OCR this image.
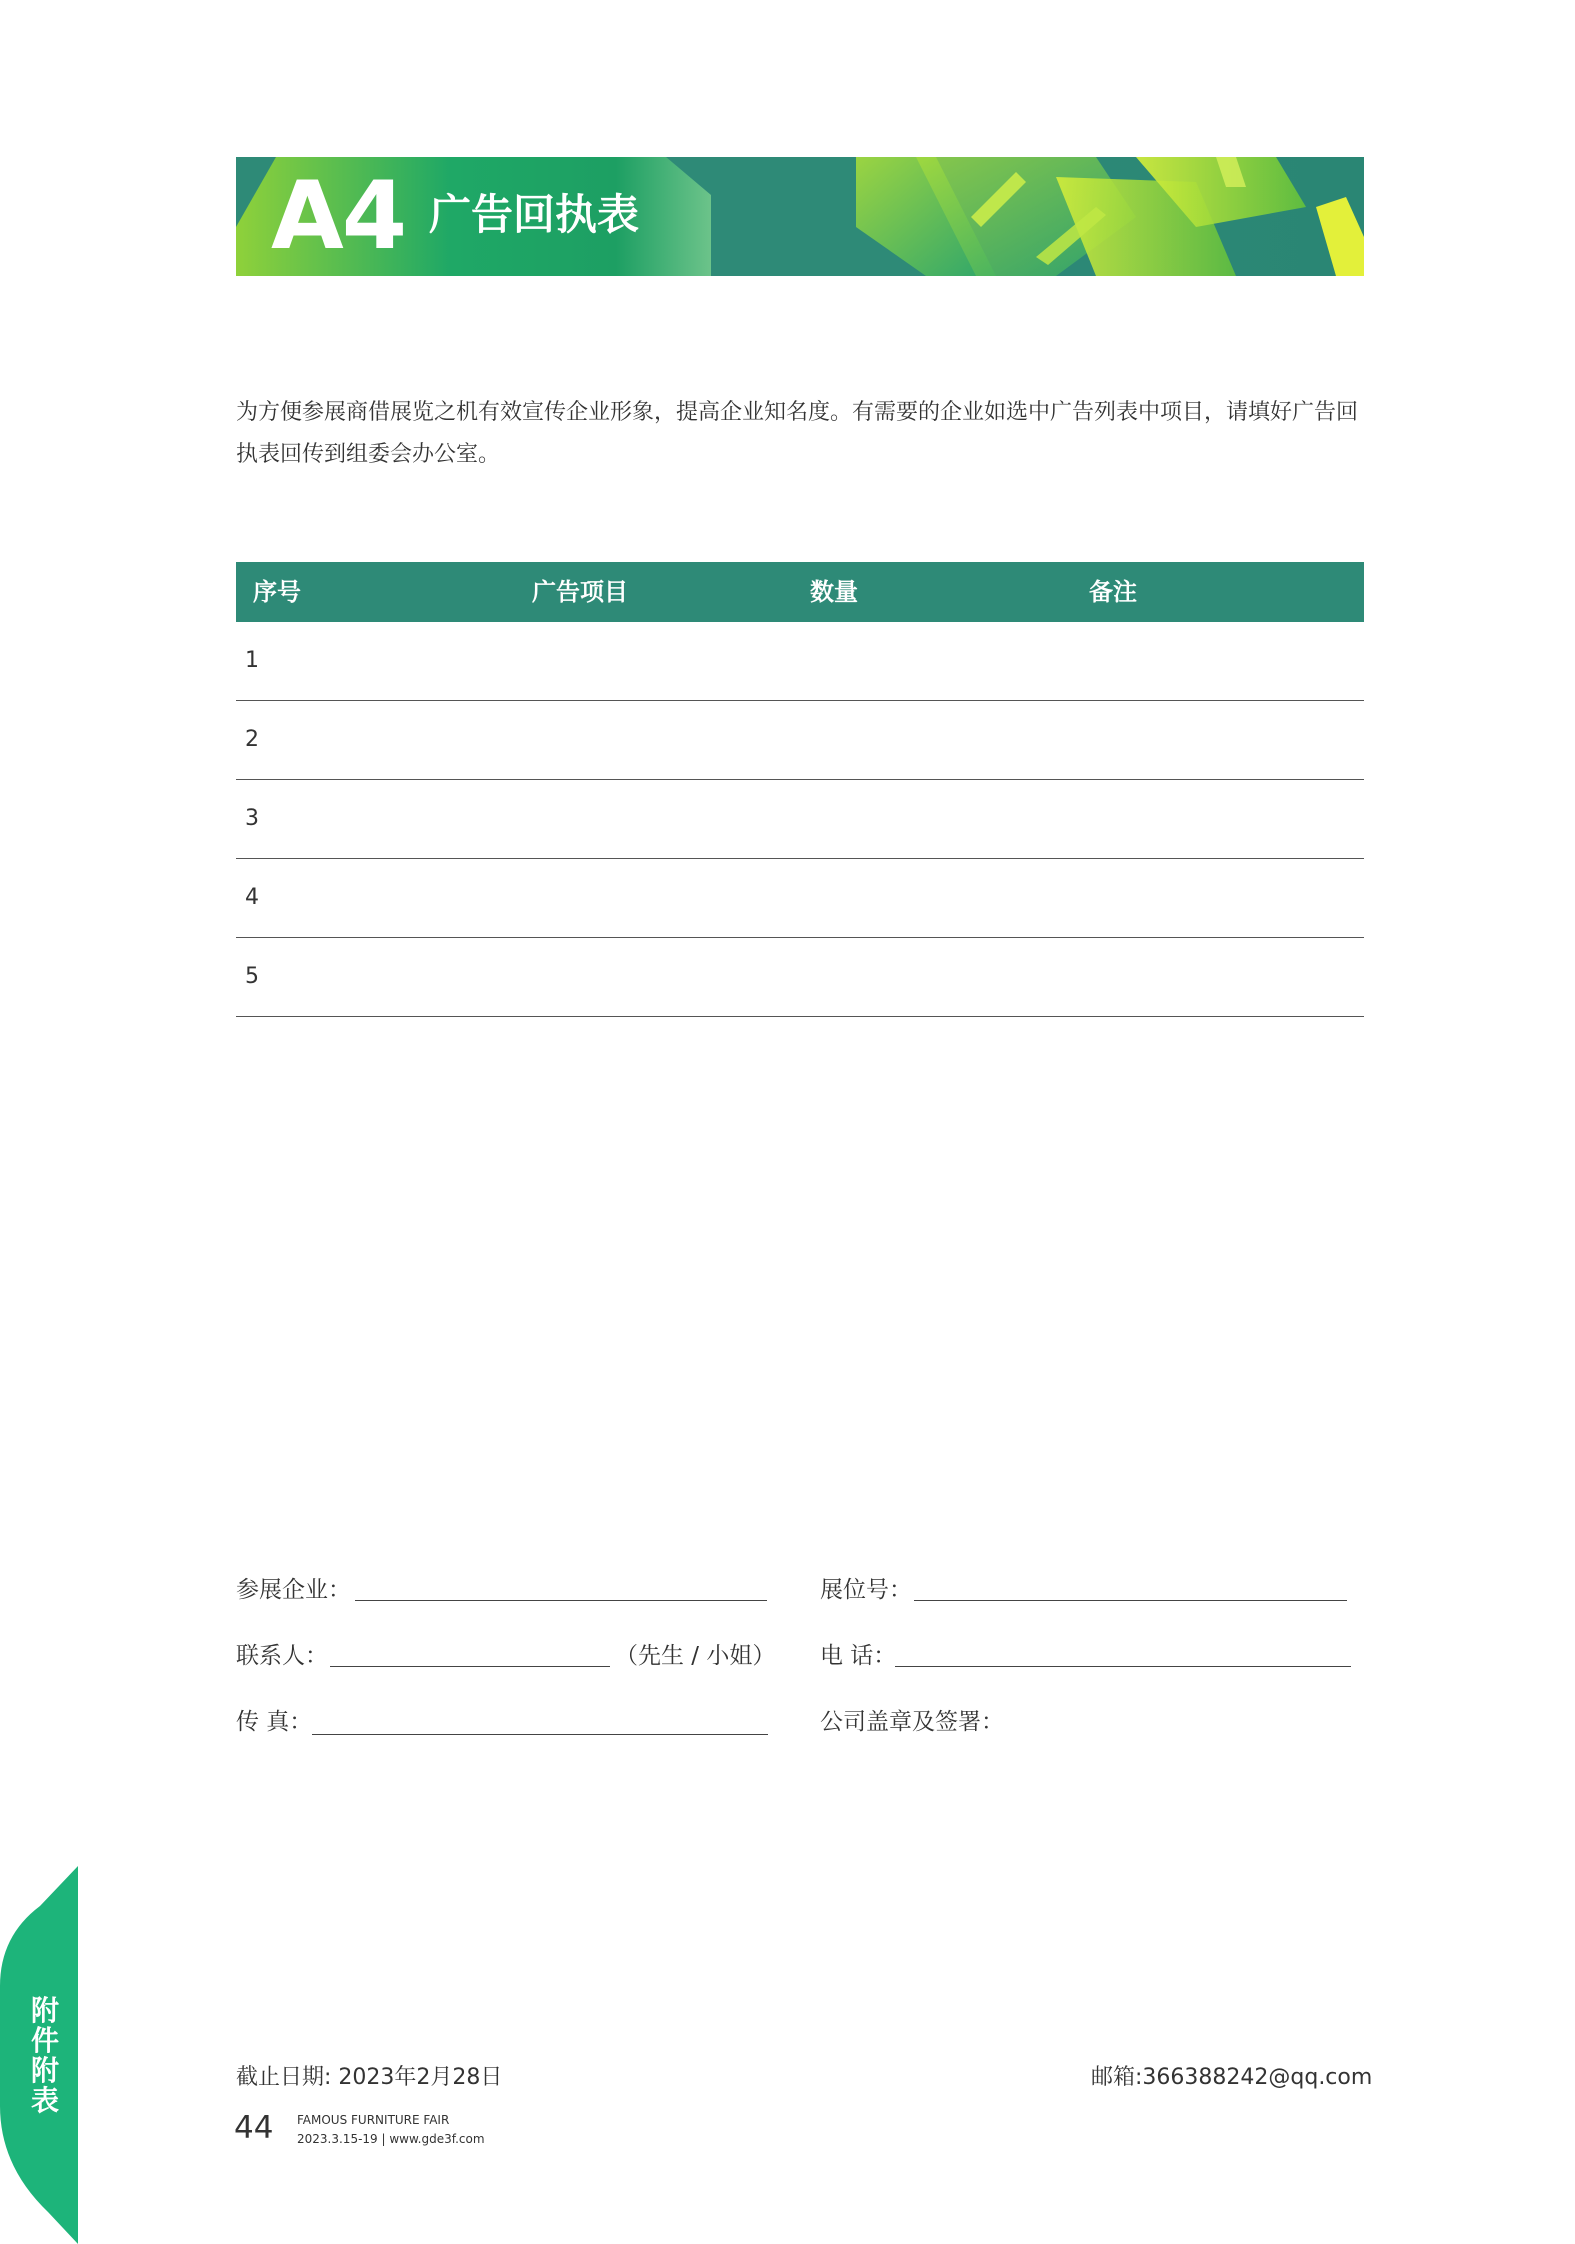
A4 广告回执表
为方便参展商借展览之机有效宣传企业形象，提高企业知名度。有需要的企业如选中广告列表中项目，请填好广告回执表回传到组委会办公室。
序号	广告项目	数量	备注
1
2
3
4
5
参展企业：	展位号：
联系人：	（先生 / 小姐） 电 话：
传 真：	公司盖章及签署：
截止日期: 2023年2月28日	邮箱:366388242@qq.com
44 FAMOUS FURNITURE FAIR
2023.3.15-19 | www.gde3f.com
附件附表
